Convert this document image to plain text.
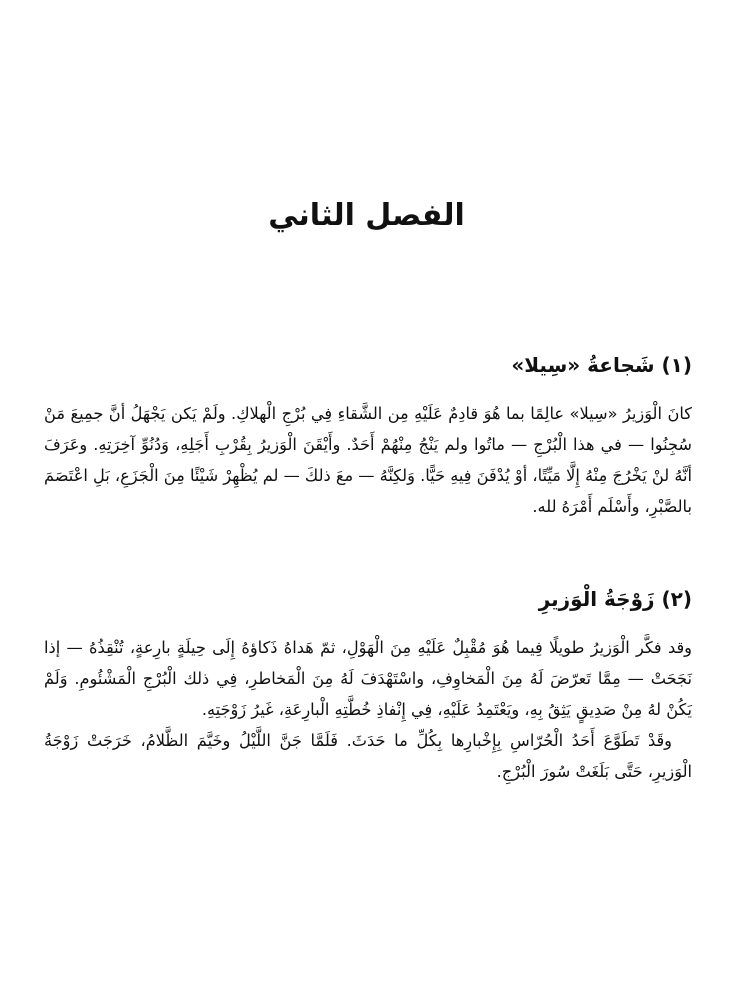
الفصل الثاني
(١) شَجاعةُ «سِيلا»

كانَ الْوَزيرُ «سِيلا» عالِمًا بما هُوَ قادِمٌ عَلَيْهِ مِن الشَّقاءِ فِي بُرْجِ الْهلاكِ. ولَمْ يَكن يَجْهَلُ أنَّ جمِيعَ مَنْ سُجِنُوا — في هذا الْبُرْجِ — ماتُوا ولم يَنْجُ مِنْهُمْ أَحَدٌ. وأَيْقَنَ الْوَزيرُ بِقُرْبِ أَجَلِهِ، وَدُنُوِّ آخِرَتِهِ. وعَرَفَ أنَّهُ لنْ يَخْرُجَ مِنْهُ إِلَّا مَيِّتًا، أوْ يُدْفَنَ فِيهِ حَيًّا. وَلكِنَّهُ — معَ ذلكَ — لم يُظْهِرْ شَيْئًا مِنَ الْجَزَعِ، بَلِ اعْتَصَمَ بالصَّبْرِ، وأَسْلَم أَمْرَهُ لله.

(٢) زَوْجَةُ الْوَزيرِ

وقد فكَّر الْوَزيرُ طويلًا فِيما هُوَ مُقْبِلٌ عَلَيْهِ مِنَ الْهَوْلِ، ثمّ هَداهُ ذَكاؤهُ إِلَى حِيلَةٍ بارِعةٍ، تُنْقِذُهُ — إذا نَجَحَتْ — مِمَّا تَعرّضَ لَهُ مِنَ الْمَخاوِفِ، واسْتَهْدَفَ لَهُ مِنَ الْمَخاطرِ، فِي ذلك الْبُرْجِ الْمَشْئُومِ. وَلَمْ يَكُنْ لهُ مِنْ صَدِيقٍ يَثِقُ بِهِ، ويَعْتَمِدُ عَلَيْهِ، فِي إِنْفاذِ خُطَّتِهِ الْبارِعَةِ، غَيرُ زَوْجَتِهِ.

وقَدْ تَطَوَّعَ أَحَدُ الْحُرّاسِ بِإِخْبارِها بِكُلِّ ما حَدَثَ. فَلَمَّا جَنَّ اللَّيْلُ وخَيَّمَ الظَّلامُ، خَرَجَتْ زَوْجَةُ الْوَزيرِ، حَتَّى بَلَغَتْ سُورَ الْبُرْجِ.
